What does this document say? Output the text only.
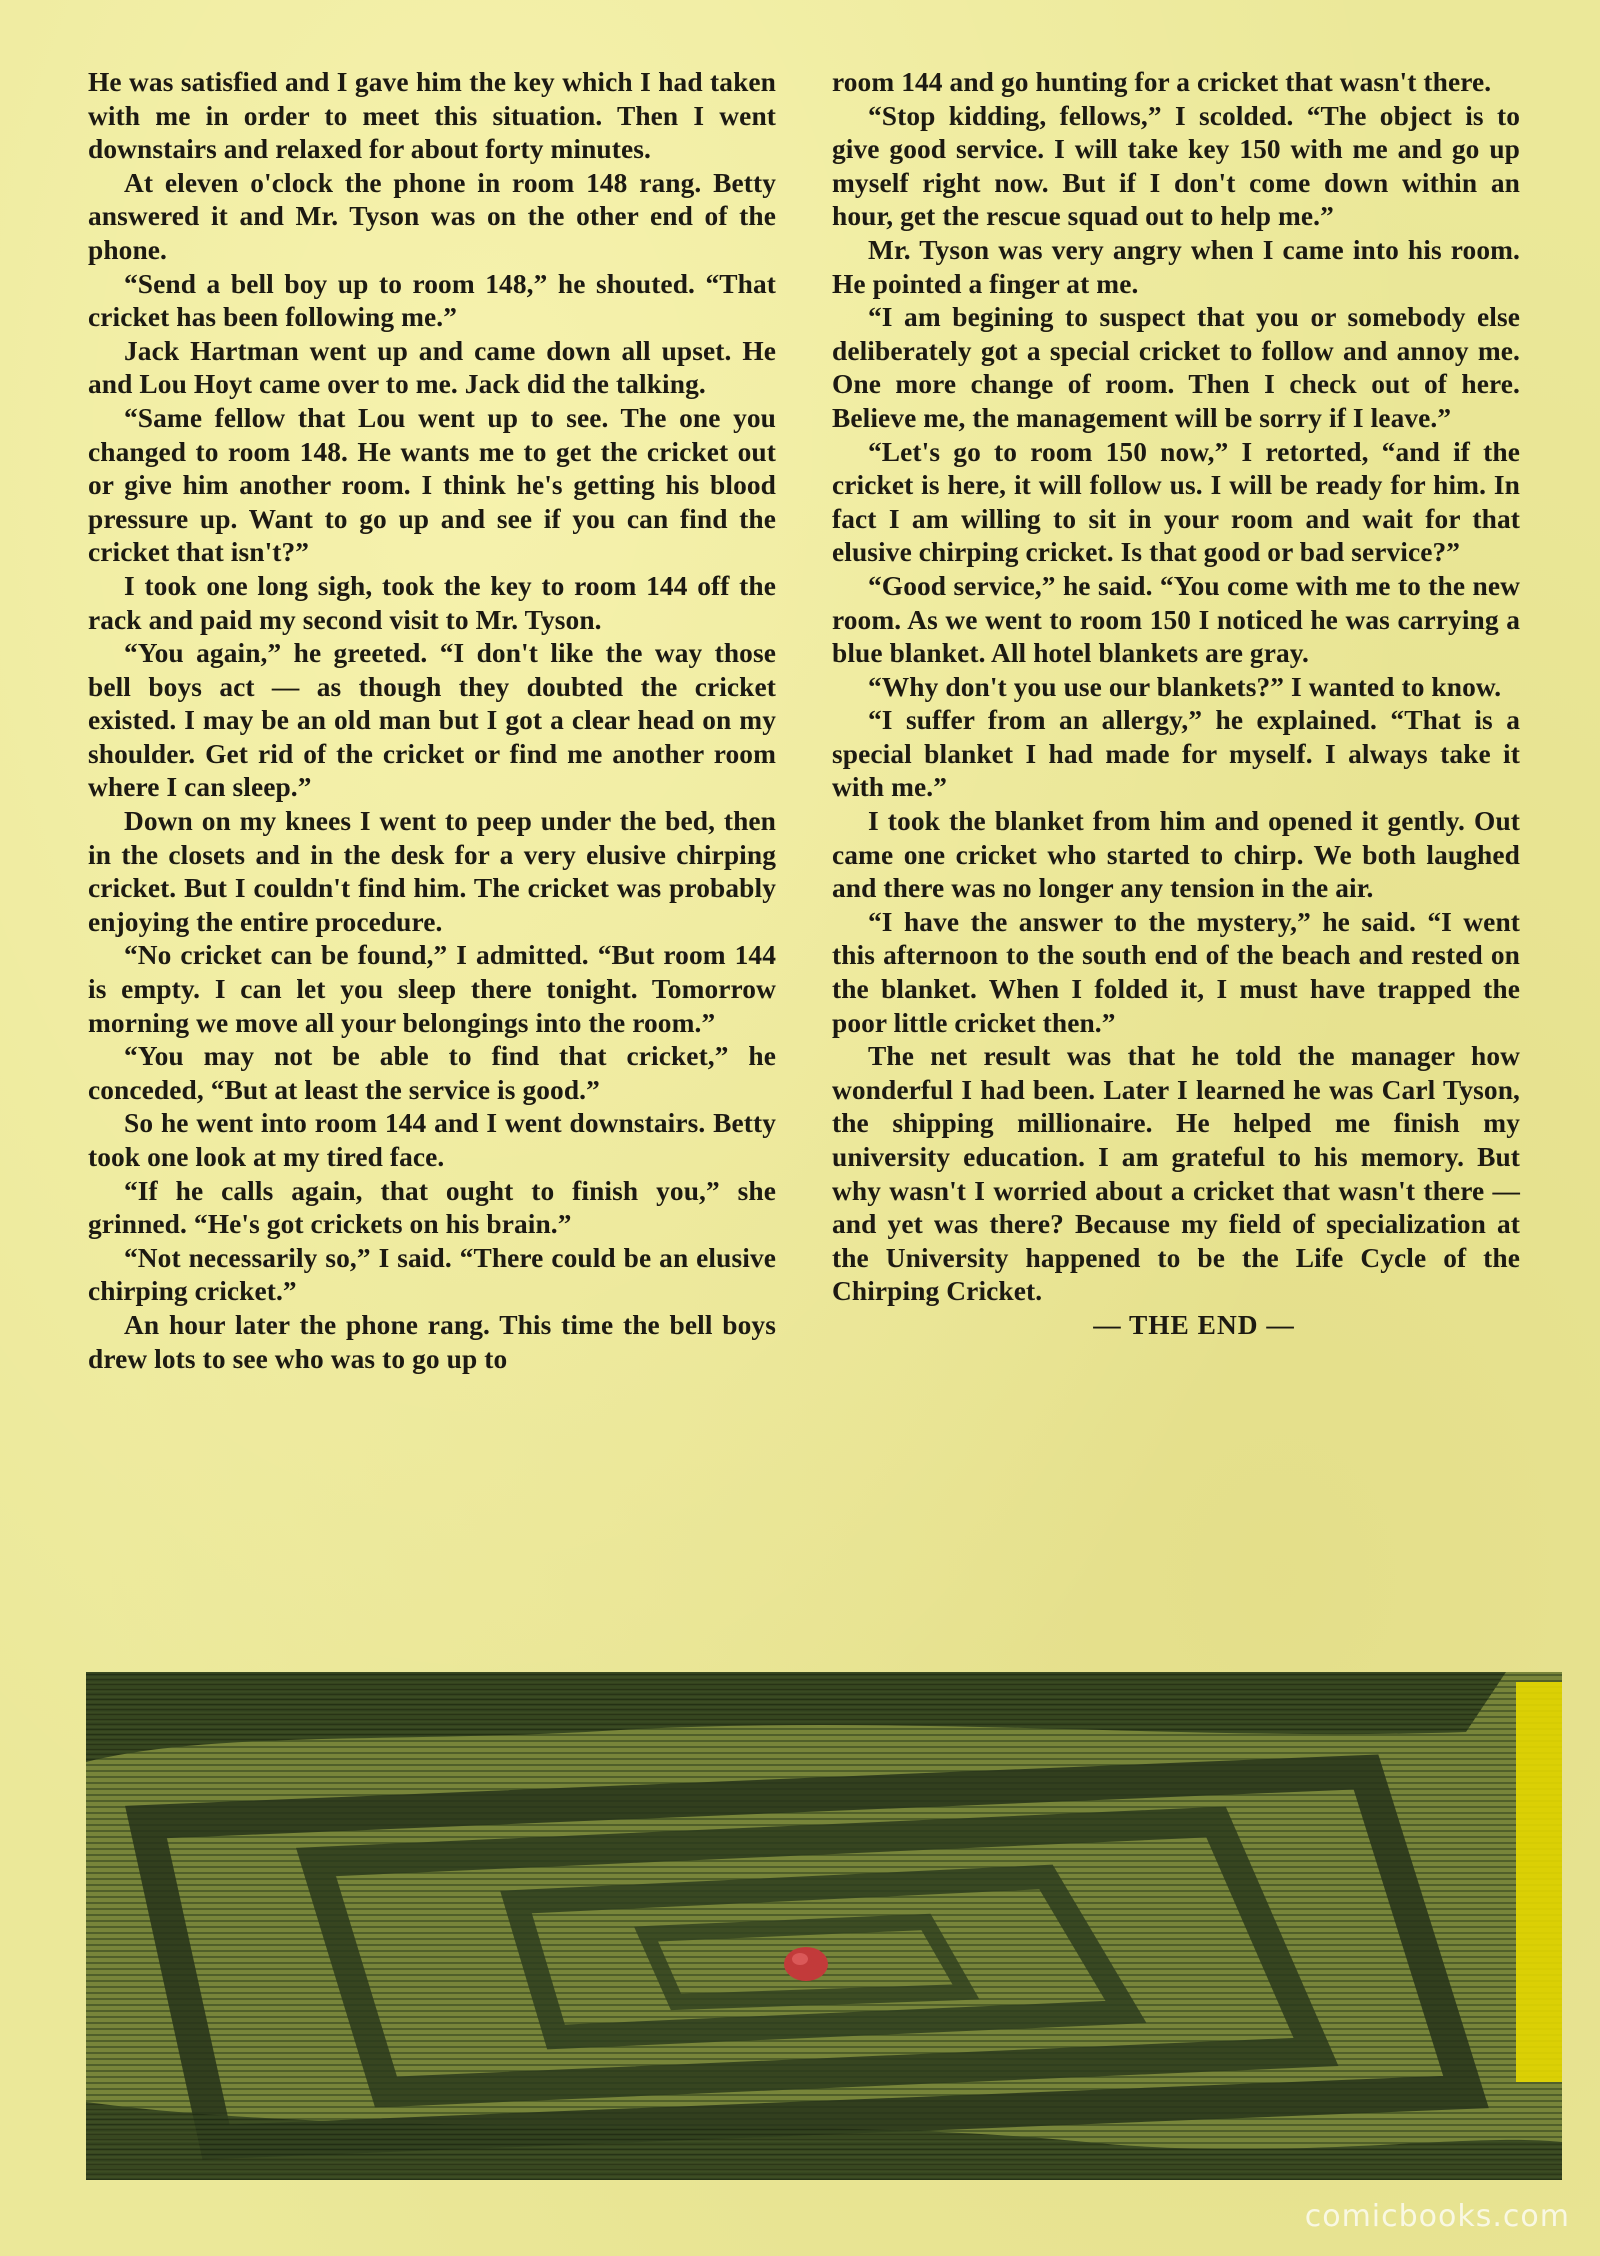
He was satisfied and I gave him the key which I had taken with me in order to meet this situation. Then I went downstairs and relaxed for about forty minutes.

At eleven o'clock the phone in room 148 rang. Betty answered it and Mr. Tyson was on the other end of the phone.

“Send a bell boy up to room 148,” he shouted. “That cricket has been following me.”

Jack Hartman went up and came down all upset. He and Lou Hoyt came over to me. Jack did the talking.

“Same fellow that Lou went up to see. The one you changed to room 148. He wants me to get the cricket out or give him another room. I think he's getting his blood pressure up. Want to go up and see if you can find the cricket that isn't?”

I took one long sigh, took the key to room 144 off the rack and paid my second visit to Mr. Tyson.

“You again,” he greeted. “I don't like the way those bell boys act — as though they doubted the cricket existed. I may be an old man but I got a clear head on my shoulder. Get rid of the cricket or find me another room where I can sleep.”

Down on my knees I went to peep under the bed, then in the closets and in the desk for a very elusive chirping cricket. But I couldn't find him. The cricket was probably enjoying the entire procedure.

“No cricket can be found,” I admitted. “But room 144 is empty. I can let you sleep there tonight. Tomorrow morning we move all your belongings into the room.”

“You may not be able to find that cricket,” he conceded, “But at least the service is good.”

So he went into room 144 and I went downstairs. Betty took one look at my tired face.

“If he calls again, that ought to finish you,” she grinned. “He's got crickets on his brain.”

“Not necessarily so,” I said. “There could be an elusive chirping cricket.”

An hour later the phone rang. This time the bell boys drew lots to see who was to go up to

room 144 and go hunting for a cricket that wasn't there.

“Stop kidding, fellows,” I scolded. “The object is to give good service. I will take key 150 with me and go up myself right now. But if I don't come down within an hour, get the rescue squad out to help me.”

Mr. Tyson was very angry when I came into his room. He pointed a finger at me.

“I am begining to suspect that you or somebody else deliberately got a special cricket to follow and annoy me. One more change of room. Then I check out of here. Believe me, the management will be sorry if I leave.”

“Let's go to room 150 now,” I retorted, “and if the cricket is here, it will follow us. I will be ready for him. In fact I am willing to sit in your room and wait for that elusive chirping cricket. Is that good or bad service?”

“Good service,” he said. “You come with me to the new room. As we went to room 150 I noticed he was carrying a blue blanket. All hotel blankets are gray.

“Why don't you use our blankets?” I wanted to know.

“I suffer from an allergy,” he explained. “That is a special blanket I had made for myself. I always take it with me.”

I took the blanket from him and opened it gently. Out came one cricket who started to chirp. We both laughed and there was no longer any tension in the air.

“I have the answer to the mystery,” he said. “I went this afternoon to the south end of the beach and rested on the blanket. When I folded it, I must have trapped the poor little cricket then.”

The net result was that he told the manager how wonderful I had been. Later I learned he was Carl Tyson, the shipping millionaire. He helped me finish my university education. I am grateful to his memory. But why wasn't I worried about a cricket that wasn't there — and yet was there? Because my field of specialization at the University happened to be the Life Cycle of the Chirping Cricket.

— THE END —

comicbooks.com
